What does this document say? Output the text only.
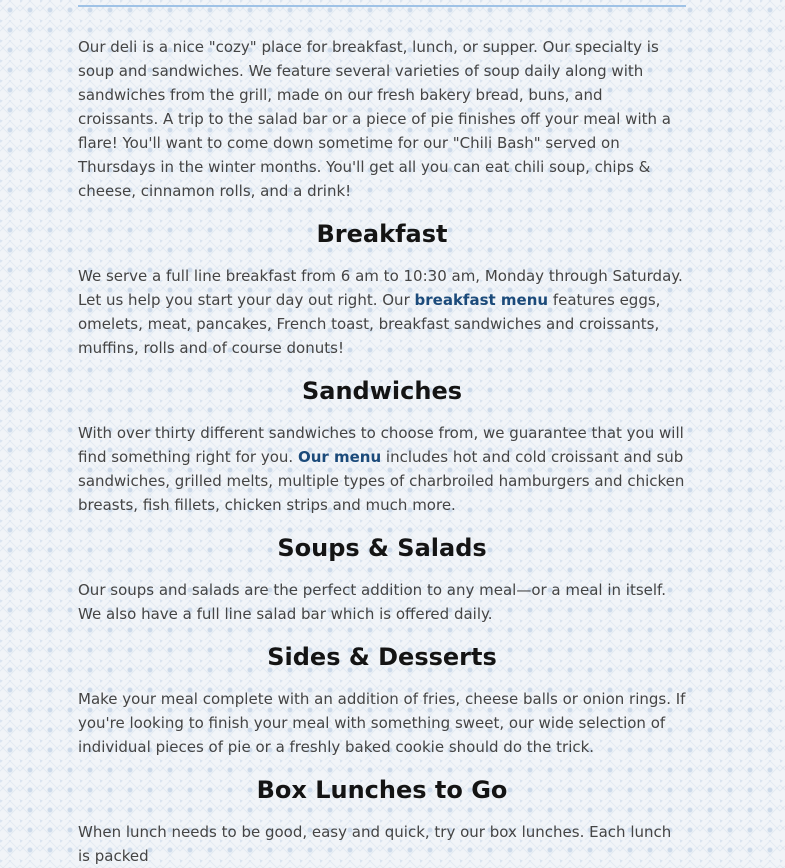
Our deli is a nice "cozy" place for breakfast, lunch, or supper. Our specialty is soup and sandwiches. We feature several varieties of soup daily along with sandwiches from the grill, made on our fresh bakery bread, buns, and croissants. A trip to the salad bar or a piece of pie finishes off your meal with a flare! You'll want to come down sometime for our "Chili Bash" served on Thursdays in the winter months. You'll get all you can eat chili soup, chips & cheese, cinnamon rolls, and a drink!

Breakfast

We serve a full line breakfast from 6 am to 10:30 am, Monday through Saturday. Let us help you start your day out right. Our breakfast menu features eggs, omelets, meat, pancakes, French toast, breakfast sandwiches and croissants, muffins, rolls and of course donuts!

Sandwiches

With over thirty different sandwiches to choose from, we guarantee that you will find something right for you. Our menu includes hot and cold croissant and sub sandwiches, grilled melts, multiple types of charbroiled hamburgers and chicken breasts, fish fillets, chicken strips and much more.

Soups & Salads

Our soups and salads are the perfect addition to any meal—or a meal in itself. We also have a full line salad bar which is offered daily.

Sides & Desserts

Make your meal complete with an addition of fries, cheese balls or onion rings. If you're looking to finish your meal with something sweet, our wide selection of individual pieces of pie or a freshly baked cookie should do the trick.

Box Lunches to Go

When lunch needs to be good, easy and quick, try our box lunches. Each lunch is packed
